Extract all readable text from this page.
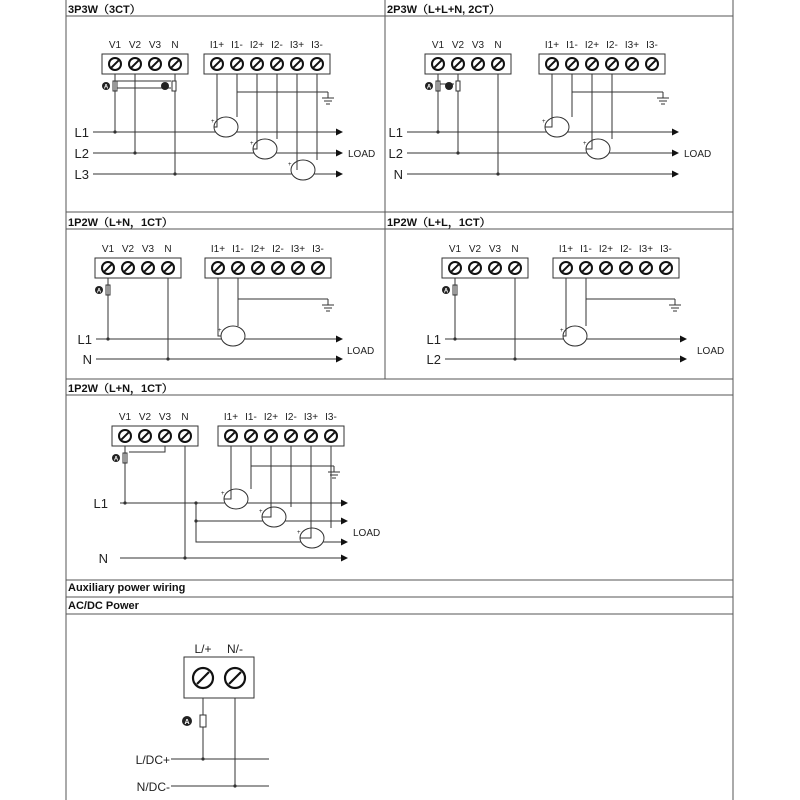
3P3W（3CT）
V1 V2 V3 N	I1+ I1- I2+ I2- I3+ I3-
L1
L2
L3
LOAD
A
+
+
+
2P3W（L+L+N, 2CT）
V1 V2 V3 N	I1+ I1- I2+ I2- I3+ I3-
L1
L2
N
LOAD
A
+
+
1P2W（L+N，1CT）
V1 V2 V3 N	I1+ I1- I2+ I2- I3+ I3-
L1
N
LOAD
A
+
1P2W（L+L，1CT）
V1 V2 V3 N	I1+ I1- I2+ I2- I3+ I3-
L1
L2
LOAD
A
+
1P2W（L+N，1CT）
V1 V2 V3 N	I1+ I1- I2+ I2- I3+ I3-
L1
N
LOAD
A
+
+
+
Auxiliary power wiring
AC/DC Power
L/+ N/-
L/DC+
N/DC-
A
